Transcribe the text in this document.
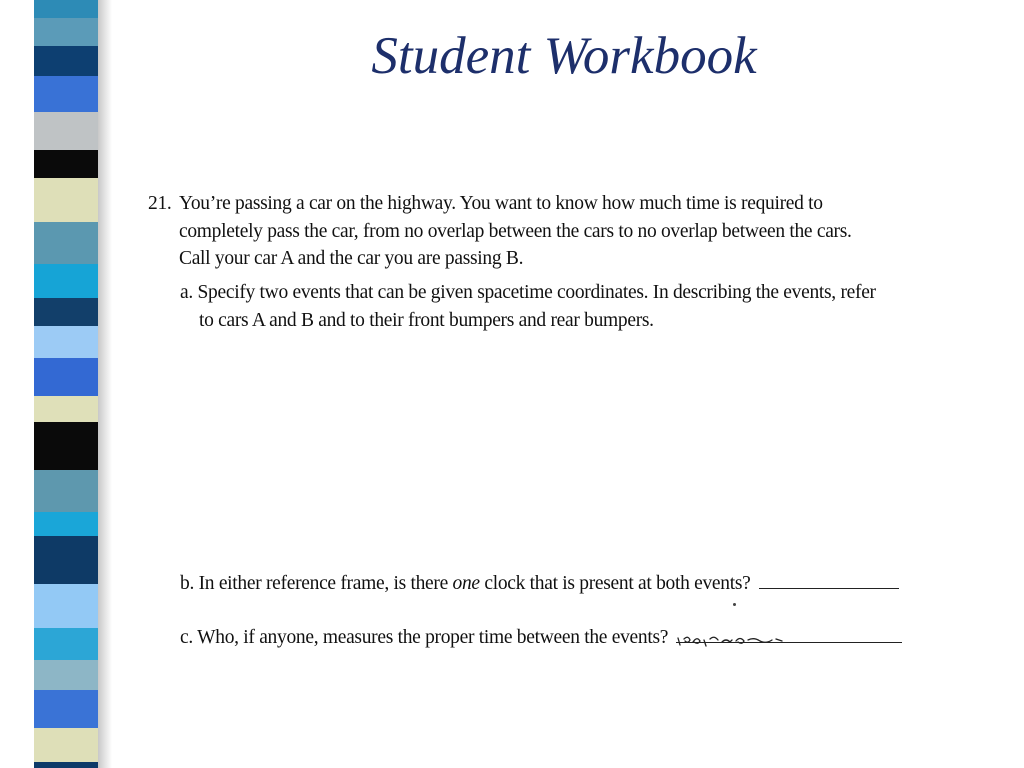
Student Workbook
21. You’re passing a car on the highway. You want to know how much time is required to
completely pass the car, from no overlap between the cars to no overlap between the cars.
Call your car A and the car you are passing B.
a. Specify two events that can be given spacetime coordinates. In describing the events, refer
to cars A and B and to their front bumpers and rear bumpers.
b. In either reference frame, is there one clock that is present at both events?
c. Who, if anyone, measures the proper time between the events?
